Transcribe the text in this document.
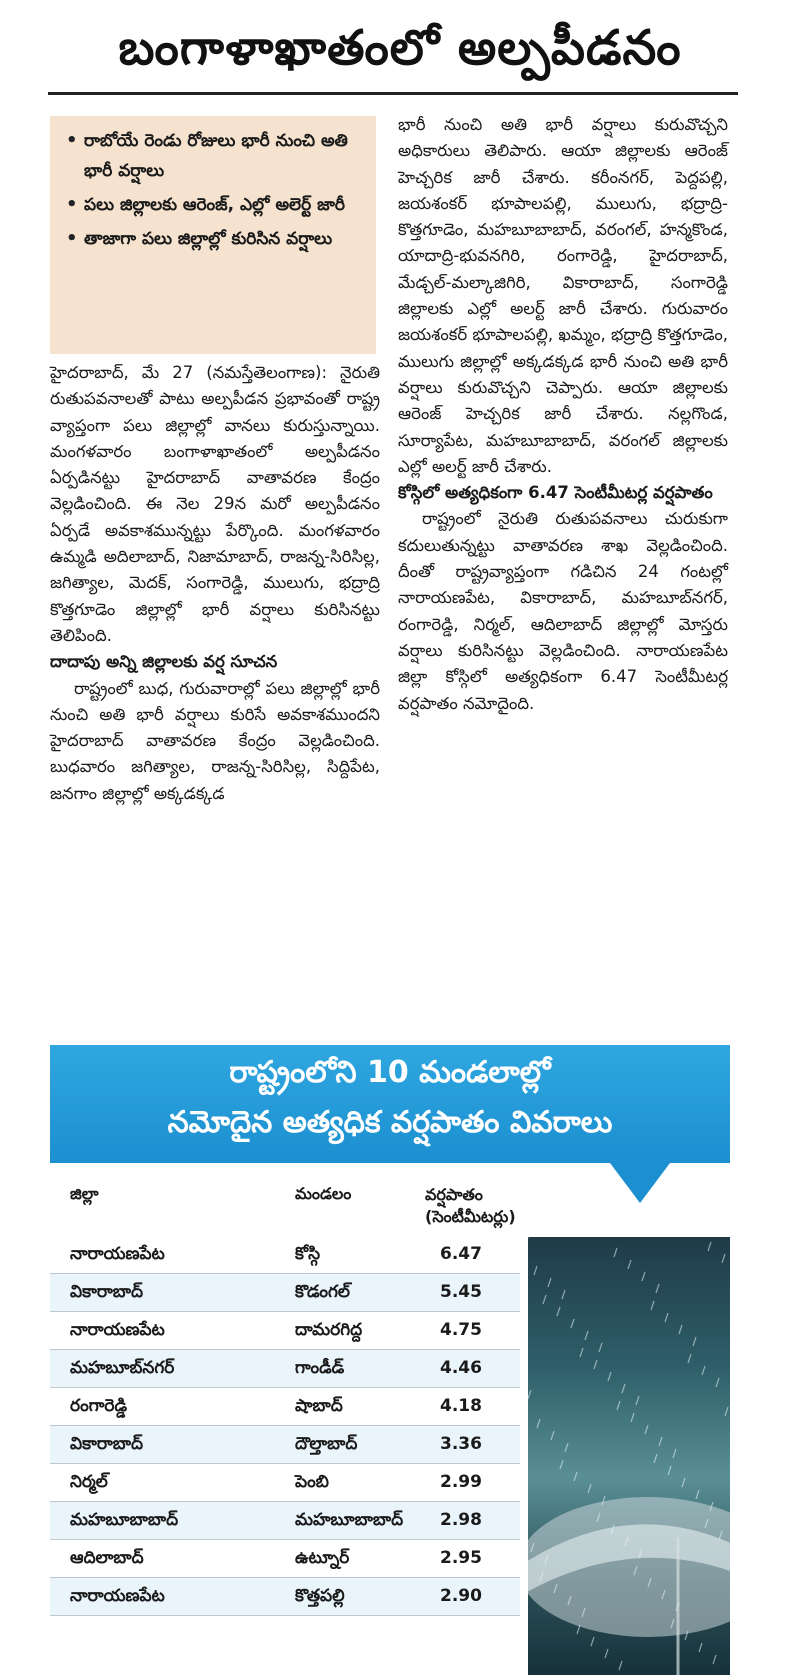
బంగాళాఖాతంలో అల్పపీడనం
• రాబోయే రెండు రోజులు భారీ నుంచి అతి భారీ వర్షాలు
• పలు జిల్లాలకు ఆరెంజ్, ఎల్లో అలెర్ట్ జారీ
• తాజాగా పలు జిల్లాల్లో కురిసిన వర్షాలు

హైదరాబాద్, మే 27 (నమస్తేతెలంగాణ): నైరుతి రుతుపవనాలతో పాటు అల్పపీడన ప్రభావంతో రాష్ట్ర వ్యాప్తంగా పలు జిల్లాల్లో వానలు కురుస్తున్నాయి. మంగళవారం బంగాళాఖాతంలో అల్పపీడనం ఏర్పడినట్టు హైదరాబాద్ వాతావరణ కేంద్రం వెల్లడించింది. ఈ నెల 29న మరో అల్పపీడనం ఏర్పడే అవకాశమున్నట్టు పేర్కొంది. మంగళవారం ఉమ్మడి అదిలాబాద్, నిజామాబాద్, రాజన్న-సిరిసిల్ల, జగిత్యాల, మెదక్, సంగారెడ్డి, ములుగు, భద్రాద్రి కొత్తగూడెం జిల్లాల్లో భారీ వర్షాలు కురిసినట్టు తెలిపింది.

దాదాపు అన్ని జిల్లాలకు వర్ష సూచన

రాష్ట్రంలో బుధ, గురువారాల్లో పలు జిల్లాల్లో భారీ నుంచి అతి భారీ వర్షాలు కురిసే అవకాశముందని హైదరాబాద్ వాతావరణ కేంద్రం వెల్లడించింది. బుధవారం జగిత్యాల, రాజన్న-సిరిసిల్ల, సిద్దిపేట, జనగాం జిల్లాల్లో అక్కడక్కడ

భారీ నుంచి అతి భారీ వర్షాలు కురువొచ్చని అధికారులు తెలిపారు. ఆయా జిల్లాలకు ఆరెంజ్ హెచ్చరిక జారీ చేశారు. కరీంనగర్, పెద్దపల్లి, జయశంకర్ భూపాలపల్లి, ములుగు, భద్రాద్రి-కొత్తగూడెం, మహబూబాబాద్, వరంగల్, హన్మకొండ, యాదాద్రి-భువనగిరి, రంగారెడ్డి, హైదరాబాద్, మేడ్చల్-మల్కాజిగిరి, వికారాబాద్, సంగారెడ్డి జిల్లాలకు ఎల్లో అలర్ట్ జారీ చేశారు. గురువారం జయశంకర్ భూపాలపల్లి, ఖమ్మం, భద్రాద్రి కొత్తగూడెం, ములుగు జిల్లాల్లో అక్కడక్కడ భారీ నుంచి అతి భారీ వర్షాలు కురువొచ్చని చెప్పారు. ఆయా జిల్లాలకు ఆరెంజ్ హెచ్చరిక జారీ చేశారు. నల్లగొండ, సూర్యాపేట, మహబూబాబాద్, వరంగల్ జిల్లాలకు ఎల్లో అలర్ట్ జారీ చేశారు.

కోస్గిలో అత్యధికంగా 6.47 సెంటీమీటర్ల వర్షపాతం

రాష్ట్రంలో నైరుతి రుతుపవనాలు చురుకుగా కదులుతున్నట్టు వాతావరణ శాఖ వెల్లడించింది. దీంతో రాష్ట్రవ్యాప్తంగా గడిచిన 24 గంటల్లో నారాయణపేట, వికారాబాద్, మహబూబ్‌నగర్, రంగారెడ్డి, నిర్మల్, ఆదిలాబాద్ జిల్లాల్లో మోస్తరు వర్షాలు కురిసినట్టు వెల్లడించింది. నారాయణపేట జిల్లా కోస్గిలో అత్యధికంగా 6.47 సెంటీమీటర్ల వర్షపాతం నమోదైంది.

రాష్ట్రంలోని 10 మండలాల్లో
నమోదైన అత్యధిక వర్షపాతం వివరాలు
జిల్లా	మండలం	వర్షపాతం
(సెంటీమీటర్లు)
నారాయణపేట	కోస్గి	6.47
వికారాబాద్	కొడంగల్	5.45
నారాయణపేట	దామరగిద్ద	4.75
మహబూబ్‌నగర్	గాండీడ్	4.46
రంగారెడ్డి	షాబాద్	4.18
వికారాబాద్	దౌల్తాబాద్	3.36
నిర్మల్	పెంబి	2.99
మహబూబాబాద్	మహబూబాబాద్ 2.98
ఆదిలాబాద్	ఉట్నూర్	2.95
నారాయణపేట	కొత్తపల్లి	2.90
